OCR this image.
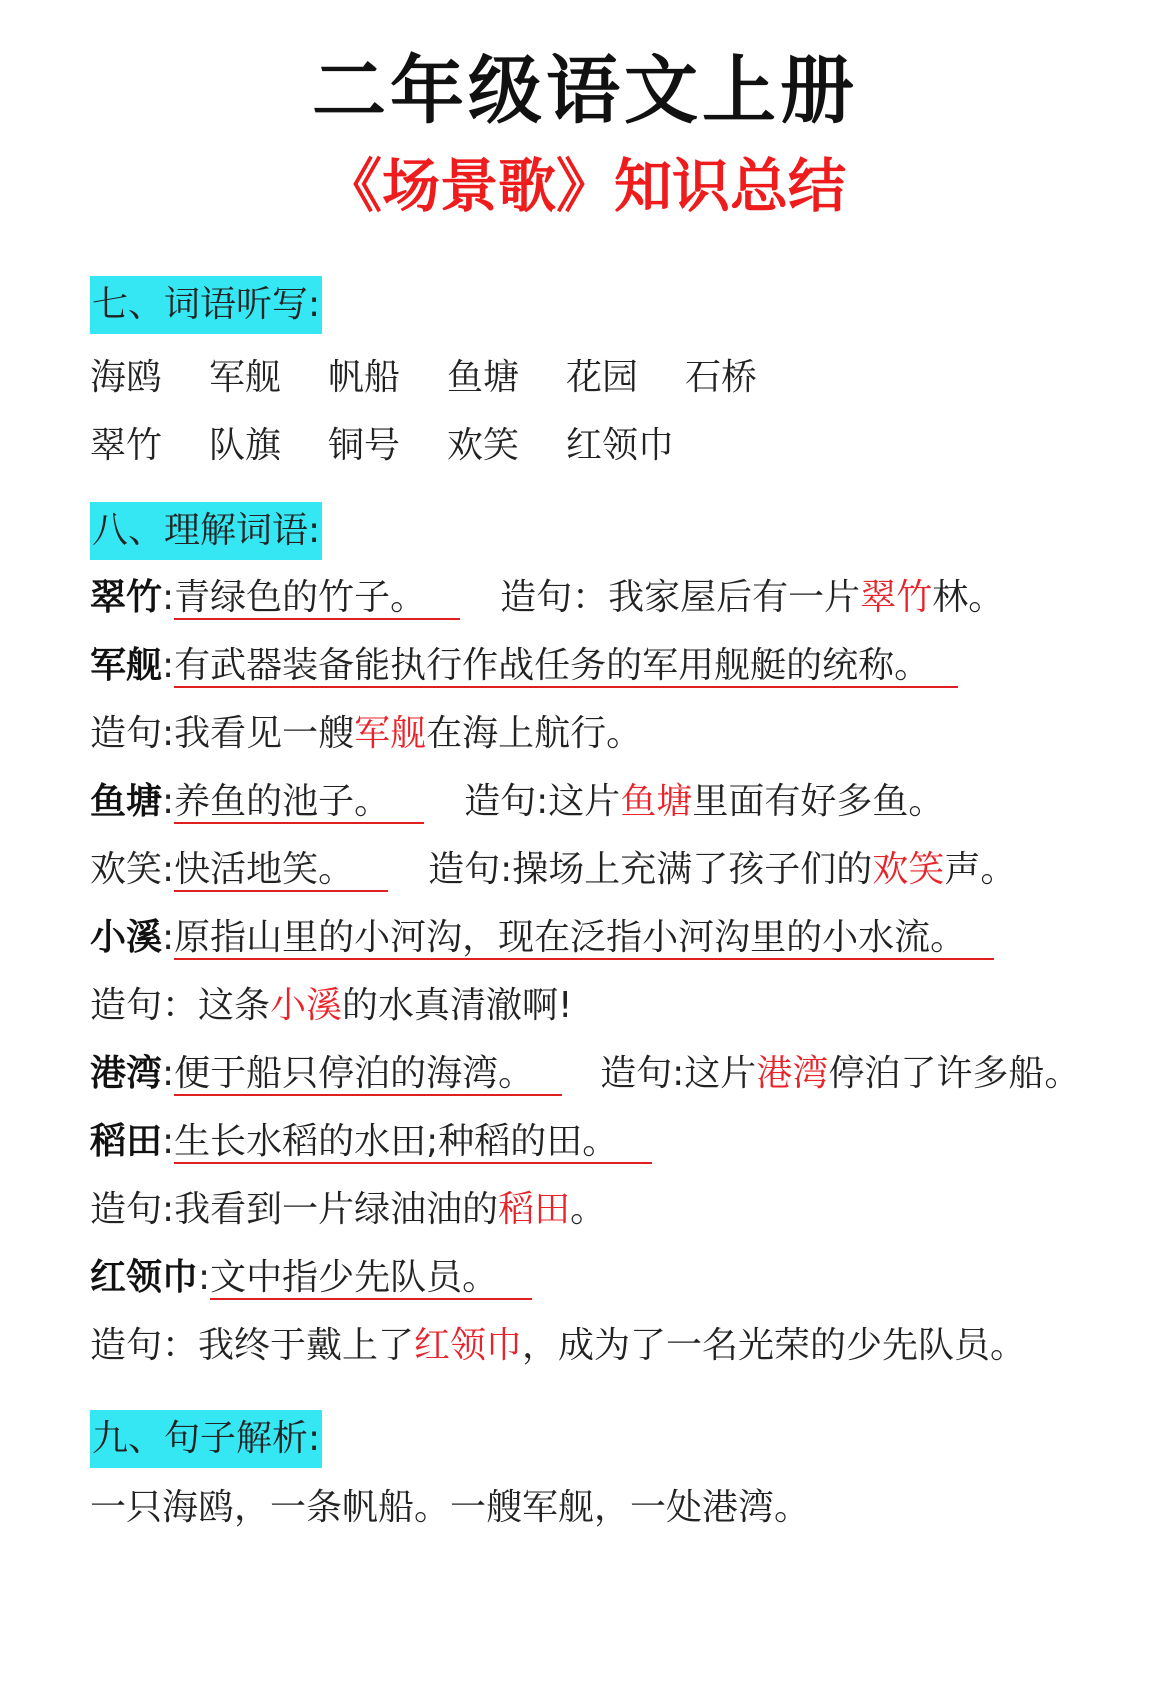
二年级语文上册
《场景歌》知识总结
七、词语听写:
海鸥 军舰 帆船 鱼塘 花园 石桥
翠竹 队旗 铜号 欢笑 红领巾
八、理解词语:
翠竹:青绿色的竹子。 造句：我家屋后有一片翠竹林。
军舰:有武器装备能执行作战任务的军用舰艇的统称。
造句:我看见一艘军舰在海上航行。
鱼塘:养鱼的池子。 造句:这片鱼塘里面有好多鱼。
欢笑:快活地笑。 造句:操场上充满了孩子们的欢笑声。
小溪:原指山里的小河沟，现在泛指小河沟里的小水流。
造句：这条小溪的水真清澈啊!
港湾:便于船只停泊的海湾。 造句:这片港湾停泊了许多船。
稻田:生长水稻的水田;种稻的田。
造句:我看到一片绿油油的稻田。
红领巾:文中指少先队员。
造句：我终于戴上了红领巾，成为了一名光荣的少先队员。
九、句子解析:
一只海鸥，一条帆船。一艘军舰，一处港湾。
